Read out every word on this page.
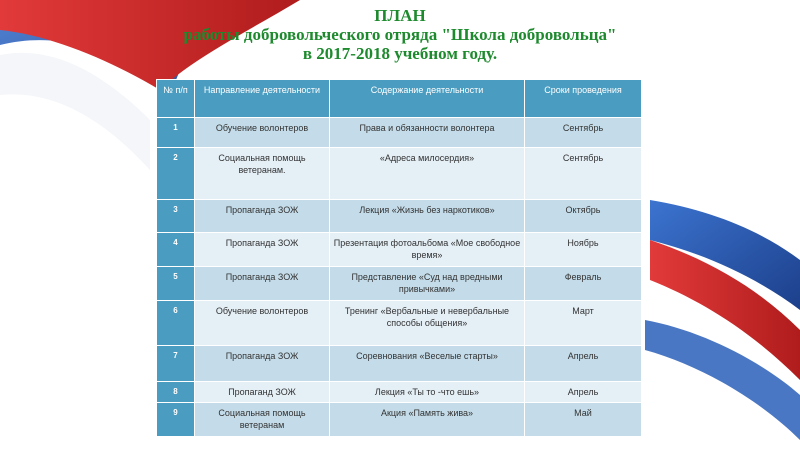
ПЛАН
работы добровольческого отряда "Школа добровольца"
в 2017-2018 учебном году.
№ п/п	Направление деятельности	Содержание деятельности	Сроки проведения
1	Обучение волонтеров	Права и обязанности волонтера	Сентябрь
2	Социальная помощь ветеранам.	«Адреса милосердия»	Сентябрь
3	Пропаганда ЗОЖ	Лекция «Жизнь без наркотиков»	Октябрь
4	Пропаганда ЗОЖ	Презентация фотоальбома «Мое свободное время»	Ноябрь
5	Пропаганда ЗОЖ	Представление «Суд над вредными привычками»	Февраль
6	Обучение волонтеров	Тренинг «Вербальные и невербальные способы общения»	Март
7	Пропаганда ЗОЖ	Соревнования «Веселые старты»	Апрель
8	Пропаганд ЗОЖ	Лекция «Ты то -что ешь»	Апрель
9	Социальная помощь ветеранам	Акция «Память жива»	Май
